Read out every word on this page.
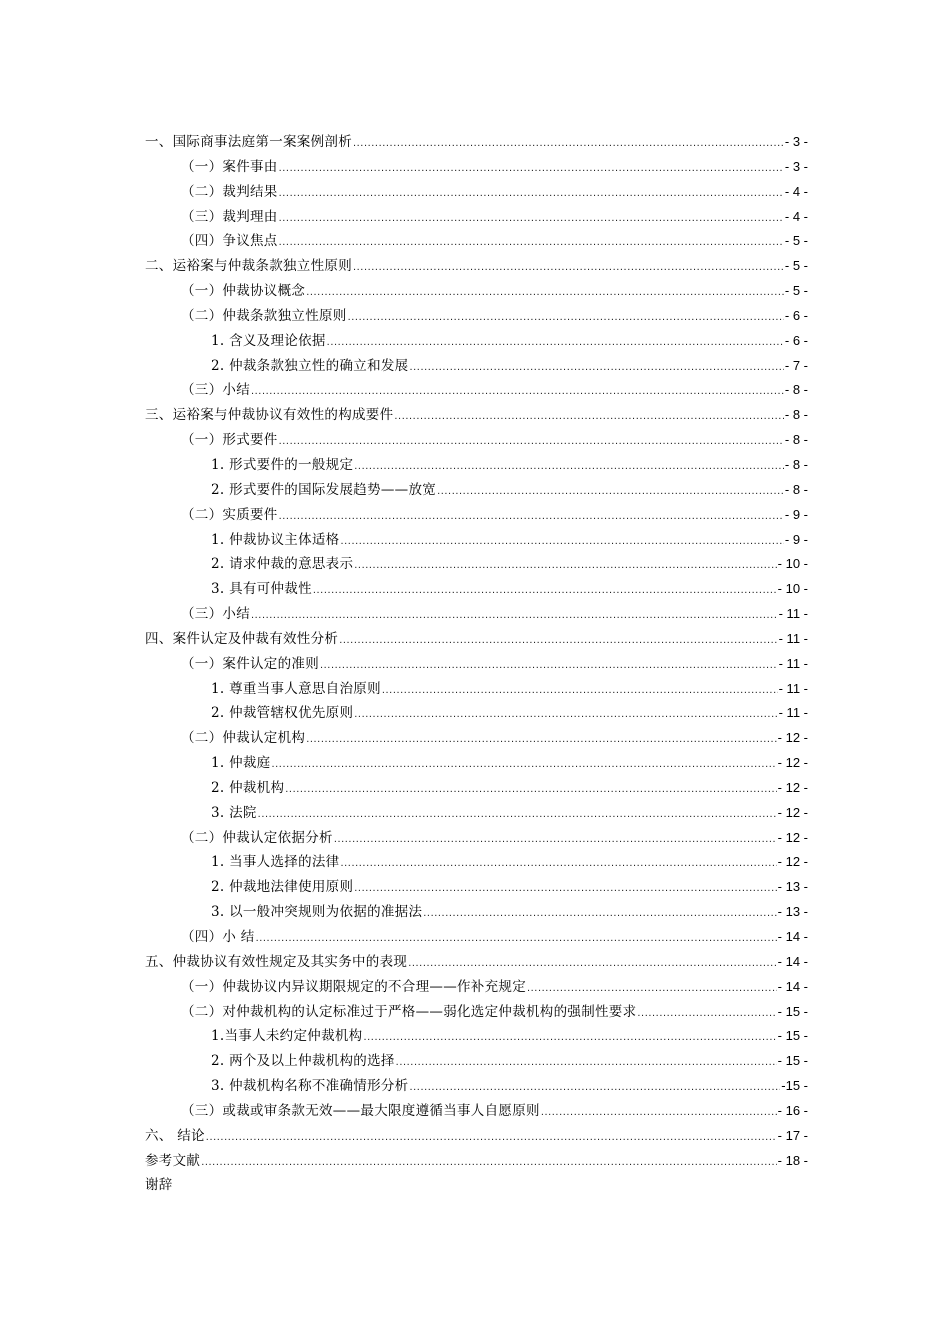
一、国际商事法庭第一案案例剖析 .....	- 3 -
（一）案件事由 .....	- 3 -
（二）裁判结果 .....	- 4 -
（三）裁判理由 .....	- 4 -
（四）争议焦点 .....	- 5 -
二、运裕案与仲裁条款独立性原则 .....	- 5 -
（一）仲裁协议概念 .....	- 5 -
（二）仲裁条款独立性原则 .....	- 6 -
1. 含义及理论依据 .....	- 6 -
2. 仲裁条款独立性的确立和发展 .....	- 7 -
（三）小结 .....	- 8 -
三、运裕案与仲裁协议有效性的构成要件 .....	- 8 -
（一）形式要件 .....	- 8 -
1. 形式要件的一般规定 .....	- 8 -
2. 形式要件的国际发展趋势——放宽 .....	- 8 -
（二）实质要件 .....	- 9 -
1. 仲裁协议主体适格 .....	- 9 -
2. 请求仲裁的意思表示 .....	- 10 -
3. 具有可仲裁性 .....	- 10 -
（三）小结 .....	- 11 -
四、案件认定及仲裁有效性分析 .....	- 11 -
（一）案件认定的准则 .....	- 11 -
1. 尊重当事人意思自治原则 .....	- 11 -
2. 仲裁管辖权优先原则 .....	- 11 -
（二）仲裁认定机构 .....	- 12 -
1. 仲裁庭 .....	- 12 -
2. 仲裁机构 .....	- 12 -
3. 法院 .....	- 12 -
（二）仲裁认定依据分析 .....	- 12 -
1. 当事人选择的法律 .....	- 12 -
2. 仲裁地法律使用原则 .....	- 13 -
3. 以一般冲突规则为依据的准据法 .....	- 13 -
（四）小 结 .....	- 14 -
五、仲裁协议有效性规定及其实务中的表现 .....	- 14 -
（一）仲裁协议内异议期限规定的不合理——作补充规定 .....	- 14 -
（二）对仲裁机构的认定标准过于严格——弱化选定仲裁机构的强制性要求 .....	- 15 -
1.当事人未约定仲裁机构 .....	- 15 -
2. 两个及以上仲裁机构的选择 .....	- 15 -
3. 仲裁机构名称不准确情形分析 .....	-15 -
（三）或裁或审条款无效——最大限度遵循当事人自愿原则 .....	- 16 -
六、 结论 .....	- 17 -
参考文献 .....	- 18 -
谢辞
